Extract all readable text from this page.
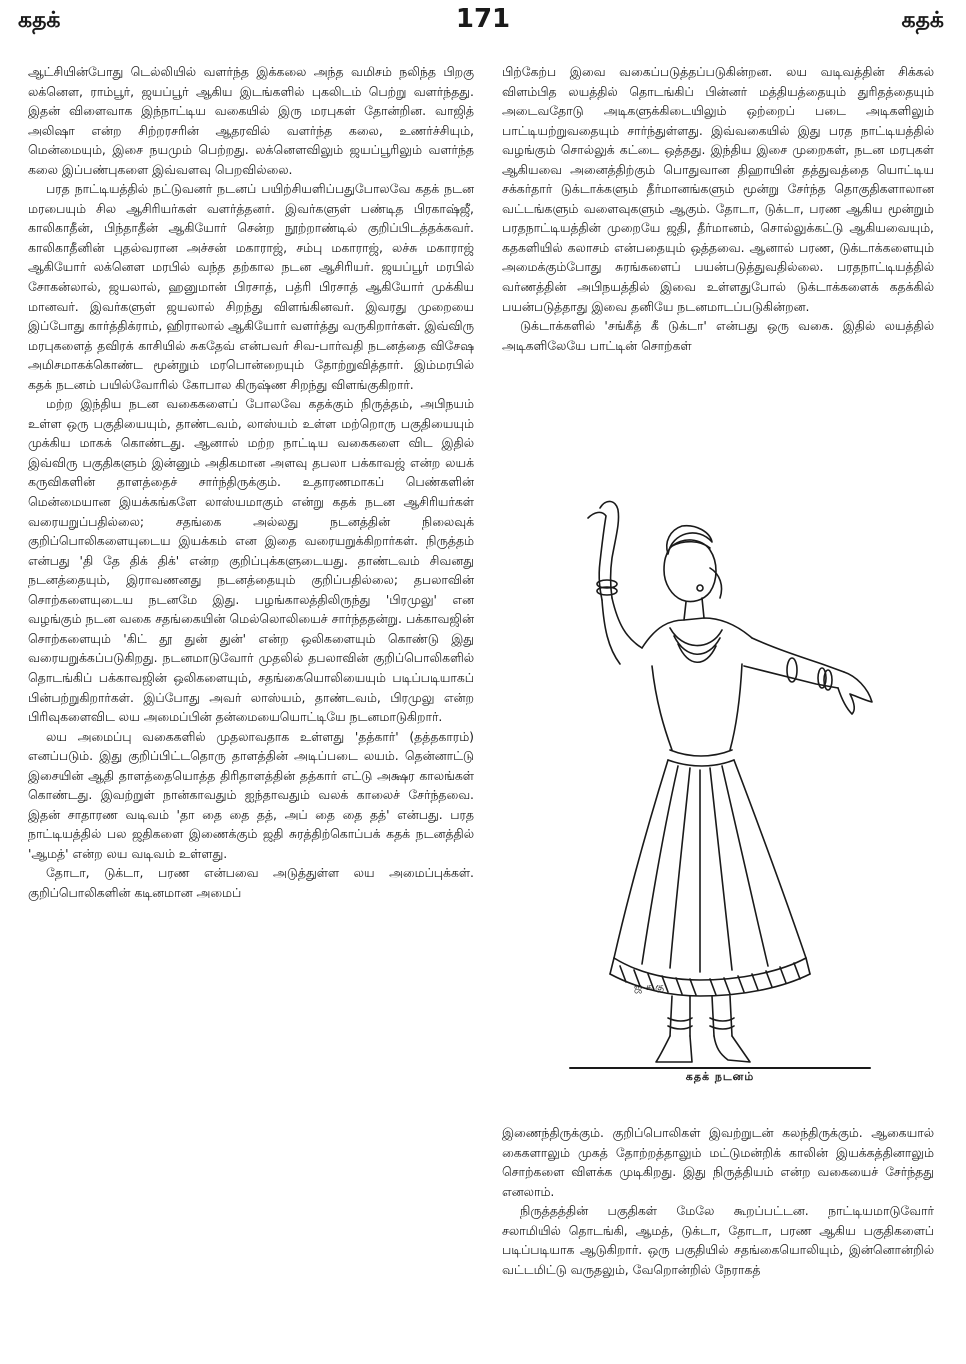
கதக்	171	கதக்

ஆட்சியின்போது டெல்லியில் வளர்ந்த இக்கலை அந்த வமிசம் நலிந்த பிறகு லக்னௌ, ராம்பூர், ஜயப்பூர் ஆகிய இடங்களில் புகலிடம் பெற்று வளர்ந்தது. இதன் விளைவாக இந்நாட்டிய வகையில் இரு மரபுகள் தோன்றின. வாஜித் அலிஷா என்ற சிற்றரசரின் ஆதரவில் வளர்ந்த கலை, உணர்ச்சியும், மென்மையும், இசை நயமும் பெற்றது. லக்னௌவிலும் ஜயப்பூரிலும் வளர்ந்த கலை இப்பண்புகளை இவ்வளவு பெறவில்லை.

பரத நாட்டியத்தில் நட்டுவனர் நடனப் பயிற்சியளிப்பதுபோலவே கதக் நடன மரபையும் சில ஆசிரியர்கள் வளர்த்தனர். இவர்களுள் பண்டித பிரகாஷ்ஜீ, காலிகாதீன், பிந்தாதீன் ஆகியோர் சென்ற நூற்றாண்டில் குறிப்பிடத்தக்கவர். காலிகாதீனின் புதல்வரான அச்சன் மகாராஜ், சம்பு மகாராஜ், லச்சு மகாராஜ் ஆகியோர் லக்னௌ மரபில் வந்த தற்கால நடன ஆசிரியர். ஜயப்பூர் மரபில் சோகன்லால், ஜயலால், ஹனுமான் பிரசாத், பத்ரி பிரசாத் ஆகியோர் முக்கிய மானவர். இவர்களுள் ஜயலால் சிறந்து விளங்கினவர். இவரது முறையை இப்போது கார்த்திக்ராம், ஹிராலால் ஆகியோர் வளர்த்து வருகிறார்கள். இவ்விரு மரபுகளைத் தவிரக் காசியில் சுகதேவ் என்பவர் சிவ-பார்வதி நடனத்தை விசேஷ அமிசமாகக்கொண்ட மூன்றும் மரபொன்றையும் தோற்றுவித்தார். இம்மரபில் கதக் நடனம் பயில்வோரில் கோபால கிருஷ்ண சிறந்து விளங்குகிறார்.

மற்ற இந்திய நடன வகைகளைப் போலவே கதக்கும் நிருத்தம், அபிநயம் உள்ள ஒரு பகுதியையும், தாண்டவம், லாஸ்யம் உள்ள மற்றொரு பகுதியையும் முக்கிய மாகக் கொண்டது. ஆனால் மற்ற நாட்டிய வகைகளை விட இதில் இவ்விரு பகுதிகளும் இன்னும் அதிகமான அளவு தபலா பக்காவஜ் என்ற லயக் கருவிகளின் தாளத்தைச் சார்ந்திருக்கும். உதாரணமாகப் பெண்களின் மென்மையான இயக்கங்களே லாஸ்யமாகும் என்று கதக் நடன ஆசிரியர்கள் வரையறுப்பதில்லை; சதங்கை அல்லது நடனத்தின் நிலைவுக் குறிப்பொலிகளையுடைய இயக்கம் என இதை வரையறுக்கிறார்கள். நிருத்தம் என்பது 'தி தே திக் திக்' என்ற குறிப்புக்களுடையது. தாண்டவம் சிவனது நடனத்தையும், இராவணனது நடனத்தையும் குறிப்பதில்லை; தபலாவின் சொற்களையுடைய நடனமே இது. பழங்காலத்திலிருந்து 'பிரமுலு' என வழங்கும் நடன வகை சதங்கையின் மெல்லொலியைச் சார்ந்ததன்று. பக்காவஜின் சொற்களையும் 'கிட் தூ துன் துன்' என்ற ஒலிகளையும் கொண்டு இது வரையறுக்கப்படுகிறது. நடனமாடுவோர் முதலில் தபலாவின் குறிப்பொலிகளில் தொடங்கிப் பக்காவஜின் ஒலிகளையும், சதங்கையொலியையும் படிப்படியாகப் பின்பற்றுகிறார்கள். இப்போது அவர் லாஸ்யம், தாண்டவம், பிரமுலு என்ற பிரிவுகளைவிட லய அமைப்பின் தன்மையையொட்டியே நடனமாடுகிறார்.

லய அமைப்பு வகைகளில் முதலாவதாக உள்ளது 'தத்கார்' (தத்தகாரம்) எனப்படும். இது குறிப்பிட்டதொரு தாளத்தின் அடிப்படை லயம். தென்னாட்டு இசையின் ஆதி தாளத்தையொத்த திரிதாளத்தின் தத்கார் எட்டு அக்ஷர காலங்கள் கொண்டது. இவற்றுள் நான்காவதும் ஐந்தாவதும் வலக் காலைச் சேர்ந்தவை. இதன் சாதாரண வடிவம் 'தா தை தை தத், அப் தை தை தத்' என்பது. பரத நாட்டியத்தில் பல ஜதிகளை இணைக்கும் ஜதி சுரத்திற்கொப்பக் கதக் நடனத்தில் 'ஆமத்' என்ற லய வடிவம் உள்ளது.

தோடா, டுக்டா, பரண என்பவை அடுத்துள்ள லய அமைப்புக்கள். குறிப்பொலிகளின் கடினமான அமைப்

பிற்கேற்ப இவை வகைப்படுத்தப்படுகின்றன. லய வடிவத்தின் சிக்கல் விளம்பித லயத்தில் தொடங்கிப் பின்னர் மத்தியத்தையும் துரிதத்தையும் அடைவதோடு அடிகளுக்கிடையிலும் ஒற்றைப் படை அடிகளிலும் பாட்டியற்றுவதையும் சார்ந்துள்ளது. இவ்வகையில் இது பரத நாட்டியத்தில் வழங்கும் சொல்லுக் கட்டை ஒத்தது. இந்திய இசை முறைகள், நடன மரபுகள் ஆகியவை அனைத்திற்கும் பொதுவான திஹாயின் தத்துவத்தை யொட்டிய சக்கர்தார் டுக்டாக்களும் தீர்மானங்களும் மூன்று சேர்ந்த தொகுதிகளாலான வட்டங்களும் வளைவுகளும் ஆகும். தோடா, டுக்டா, பரண ஆகிய மூன்றும் பரதநாட்டியத்தின் முறையே ஜதி, தீர்மானம், சொல்லுக்கட்டு ஆகியவையும், கதகளியில் கலாசம் என்பதையும் ஒத்தவை. ஆனால் பரண, டுக்டாக்களையும் அமைக்கும்போது சுரங்களைப் பயன்படுத்துவதில்லை. பரதநாட்டியத்தில் வர்ணத்தின் அபிநயத்தில் இவை உள்ளதுபோல் டுக்டாக்களைக் கதக்கில் பயன்படுத்தாது இவை தனியே நடனமாடப்படுகின்றன.

டுக்டாக்களில் 'சங்கீத் கீ டுக்டா' என்பது ஒரு வகை. இதில் லயத்தில் அடிகளிலேயே பாட்டின் சொற்கள்

ஜ க கு
கதக் நடனம்

இணைந்திருக்கும். குறிப்பொலிகள் இவற்றுடன் கலந்திருக்கும். ஆகையால் கைகளாலும் முகத் தோற்றத்தாலும் மட்டுமன்றிக் காலின் இயக்கத்தினாலும் சொற்களை விளக்க முடிகிறது. இது நிருத்தியம் என்ற வகையைச் சேர்ந்தது எனலாம்.

நிருத்தத்தின் பகுதிகள் மேலே கூறப்பட்டன. நாட்டியமாடுவோர் சலாமியில் தொடங்கி, ஆமத், டுக்டா, தோடா, பரண ஆகிய பகுதிகளைப் படிப்படியாக ஆடுகிறார். ஒரு பகுதியில் சதங்கையொலியும், இன்னொன்றில் வட்டமிட்டு வருதலும், வேறொன்றில் நேராகத்
